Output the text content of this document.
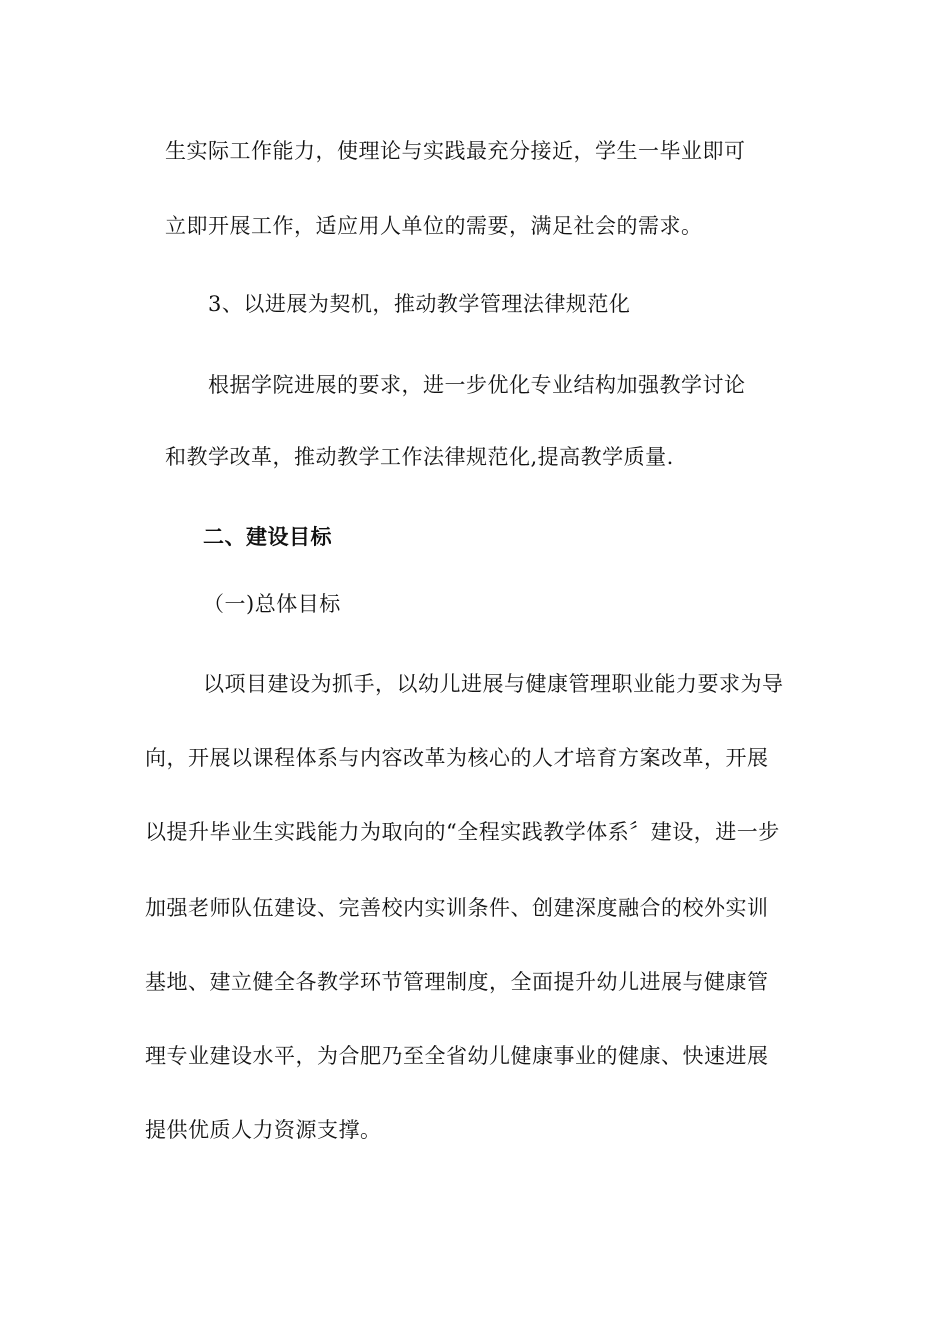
生实际工作能力，使理论与实践最充分接近，学生一毕业即可
立即开展工作，适应用人单位的需要，满足社会的需求。
3、以进展为契机，推动教学管理法律规范化
根据学院进展的要求，进一步优化专业结构加强教学讨论
和教学改革，推动教学工作法律规范化,提高教学质量.
二、建设目标
（一)总体目标
以项目建设为抓手，以幼儿进展与健康管理职业能力要求为导
向，开展以课程体系与内容改革为核心的人才培育方案改革，开展
以提升毕业生实践能力为取向的“全程实践教学体系〞建设，进一步
加强老师队伍建设、完善校内实训条件、创建深度融合的校外实训
基地、建立健全各教学环节管理制度，全面提升幼儿进展与健康管
理专业建设水平，为合肥乃至全省幼儿健康事业的健康、快速进展
提供优质人力资源支撑。
